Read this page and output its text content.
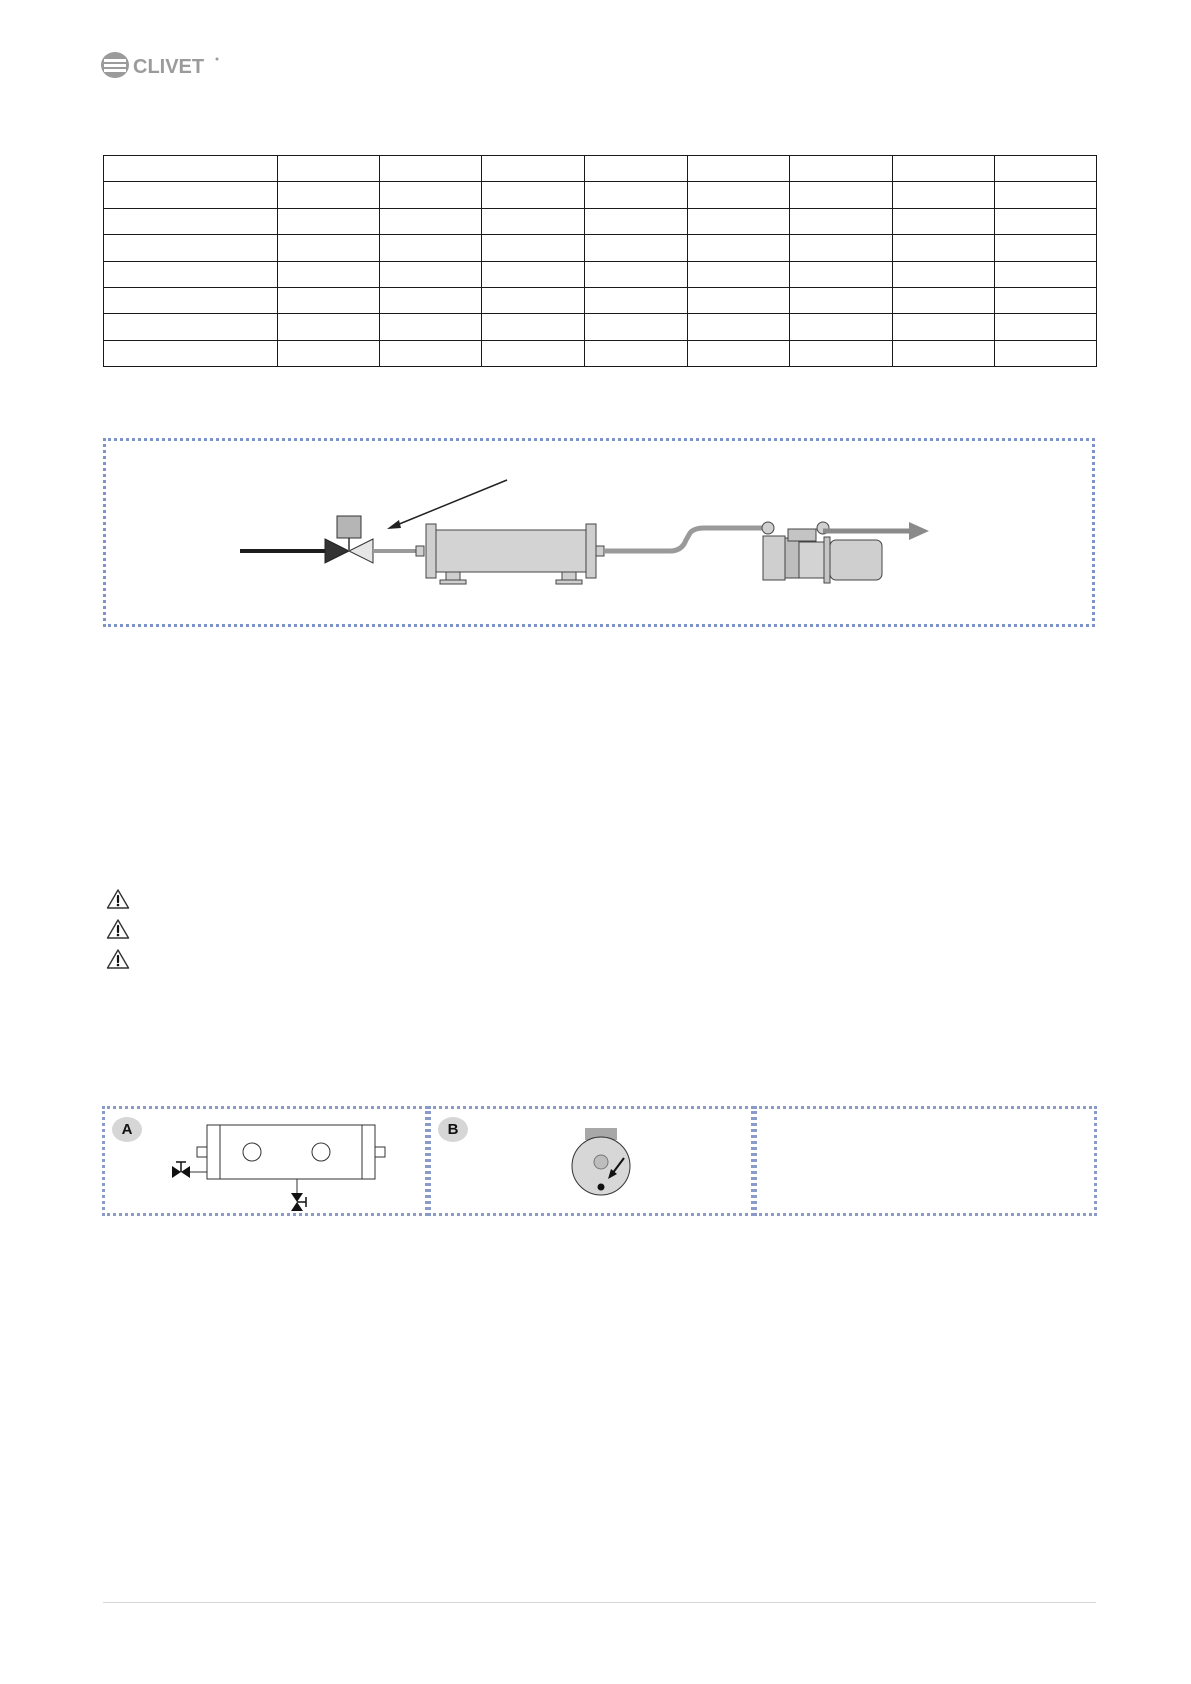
CLIVET

A	B
